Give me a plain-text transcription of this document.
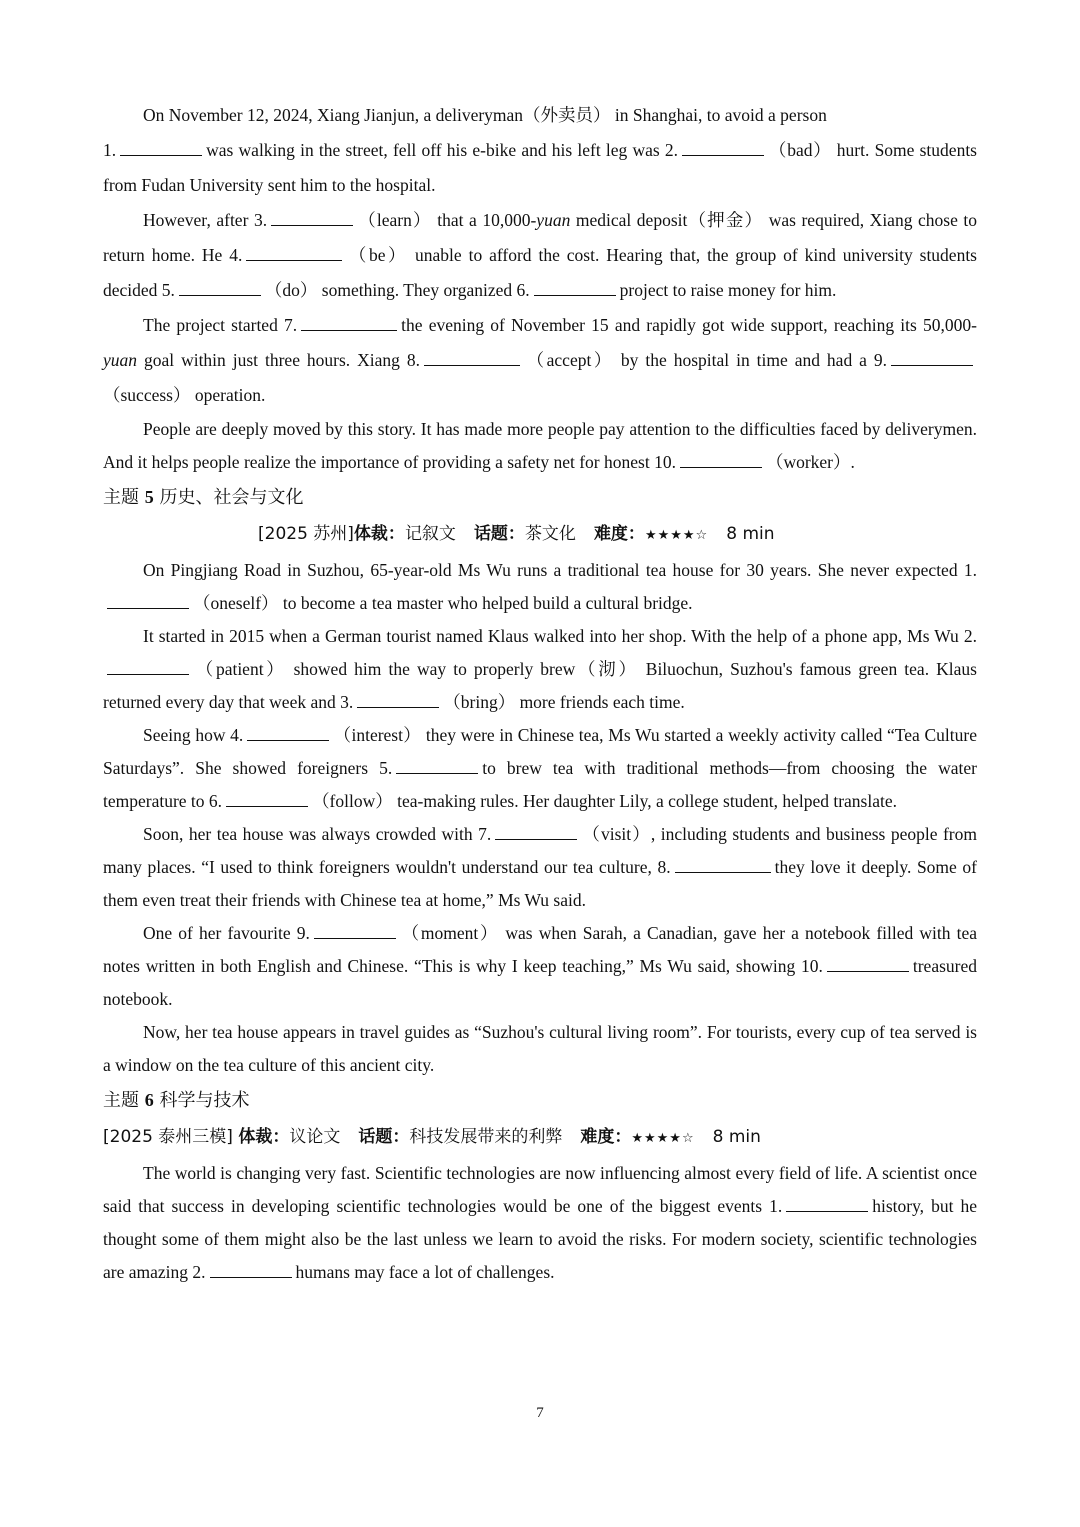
On November 12, 2024, Xiang Jianjun, a deliveryman（外卖员） in Shanghai, to avoid a person
1.	was walking in the street, fell off his e-bike and his left leg was 2.	（bad） hurt. Some students from Fudan University sent him to the hospital.

However, after 3.	（learn） that a 10,000-yuan medical deposit（押金） was required, Xiang chose to return home. He 4.	（be） unable to afford the cost. Hearing that, the group of kind university students decided 5.	（do） something. They organized 6.	project to raise money for him.

The project started 7.	the evening of November 15 and rapidly got wide support, reaching its 50,000-yuan goal within just three hours. Xiang 8.	（accept） by the hospital in time and had a 9.（success） operation.

People are deeply moved by this story. It has made more people pay attention to the difficulties faced by deliverymen. And it helps people realize the importance of providing a safety net for honest 10.	（worker）.

主题 5 历史、社会与文化

[2025 苏州]体裁：记叙文 话题：茶文化 难度：★★★★☆ 8 min

On Pingjiang Road in Suzhou, 65-year-old Ms Wu runs a traditional tea house for 30 years. She never expected 1.（oneself） to become a tea master who helped build a cultural bridge.

It started in 2015 when a German tourist named Klaus walked into her shop. With the help of a phone app, Ms Wu 2.（patient） showed him the way to properly brew（沏） Biluochun, Suzhou's famous green tea. Klaus returned every day that week and 3.	（bring） more friends each time.

Seeing how 4.	（interest） they were in Chinese tea, Ms Wu started a weekly activity called “Tea Culture Saturdays”. She showed foreigners 5.	to brew tea with traditional methods—from choosing the water temperature to 6.	（follow） tea-making rules. Her daughter Lily, a college student, helped translate.

Soon, her tea house was always crowded with 7.	（visit）, including students and business people from many places. “I used to think foreigners wouldn't understand our tea culture, 8.	they love it deeply. Some of them even treat their friends with Chinese tea at home,” Ms Wu said.

One of her favourite 9.	（moment） was when Sarah, a Canadian, gave her a notebook filled with tea notes written in both English and Chinese. “This is why I keep teaching,” Ms Wu said, showing 10.	treasured notebook.

Now, her tea house appears in travel guides as “Suzhou's cultural living room”. For tourists, every cup of tea served is a window on the tea culture of this ancient city.

主题 6 科学与技术

[2025 泰州三模] 体裁：议论文 话题：科技发展带来的利弊 难度：★★★★☆ 8 min

The world is changing very fast. Scientific technologies are now influencing almost every field of life. A scientist once said that success in developing scientific technologies would be one of the biggest events 1.	history, but he thought some of them might also be the last unless we learn to avoid the risks. For modern society, scientific technologies are amazing 2.	humans may face a lot of challenges.

7
